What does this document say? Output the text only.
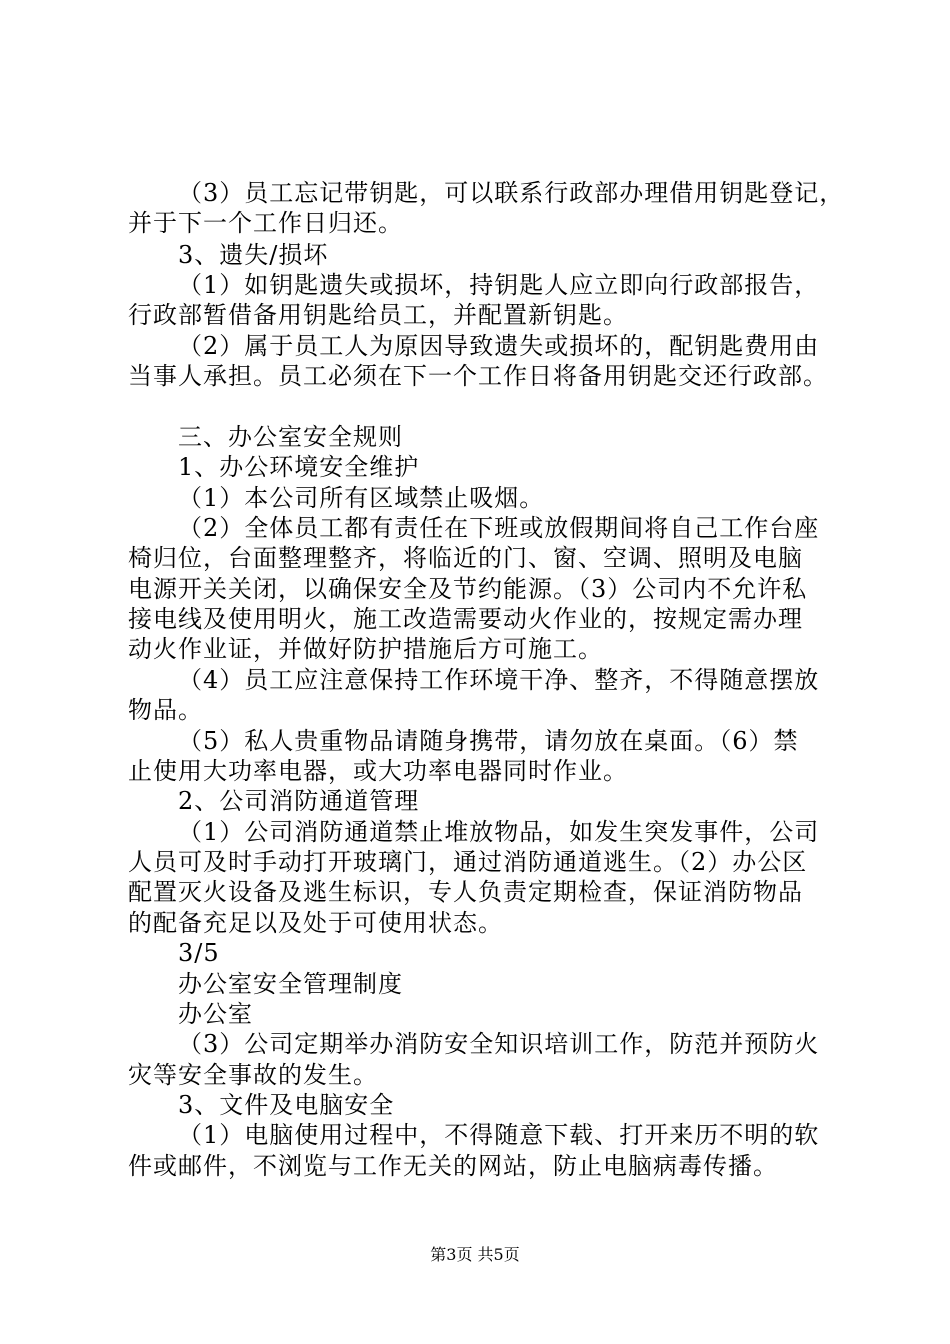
（3）员工忘记带钥匙，可以联系行政部办理借用钥匙登记，

并于下一个工作日归还。

3、遗失/损坏

（1）如钥匙遗失或损坏，持钥匙人应立即向行政部报告，

行政部暂借备用钥匙给员工，并配置新钥匙。

（2）属于员工人为原因导致遗失或损坏的，配钥匙费用由

当事人承担。员工必须在下一个工作日将备用钥匙交还行政部。

三、办公室安全规则

1、办公环境安全维护

（1）本公司所有区域禁止吸烟。

（2）全体员工都有责任在下班或放假期间将自己工作台座

椅归位，台面整理整齐，将临近的门、窗、空调、照明及电脑

电源开关关闭，以确保安全及节约能源。（3）公司内不允许私

接电线及使用明火，施工改造需要动火作业的，按规定需办理

动火作业证，并做好防护措施后方可施工。

（4）员工应注意保持工作环境干净、整齐，不得随意摆放

物品。

（5）私人贵重物品请随身携带，请勿放在桌面。（6）禁

止使用大功率电器，或大功率电器同时作业。

2、公司消防通道管理

（1）公司消防通道禁止堆放物品，如发生突发事件，公司

人员可及时手动打开玻璃门，通过消防通道逃生。（2）办公区

配置灭火设备及逃生标识，专人负责定期检查，保证消防物品

的配备充足以及处于可使用状态。

3/5

办公室安全管理制度

办公室

（3）公司定期举办消防安全知识培训工作，防范并预防火

灾等安全事故的发生。

3、文件及电脑安全

（1）电脑使用过程中，不得随意下载、打开来历不明的软

件或邮件，不浏览与工作无关的网站，防止电脑病毒传播。

第3页 共5页
